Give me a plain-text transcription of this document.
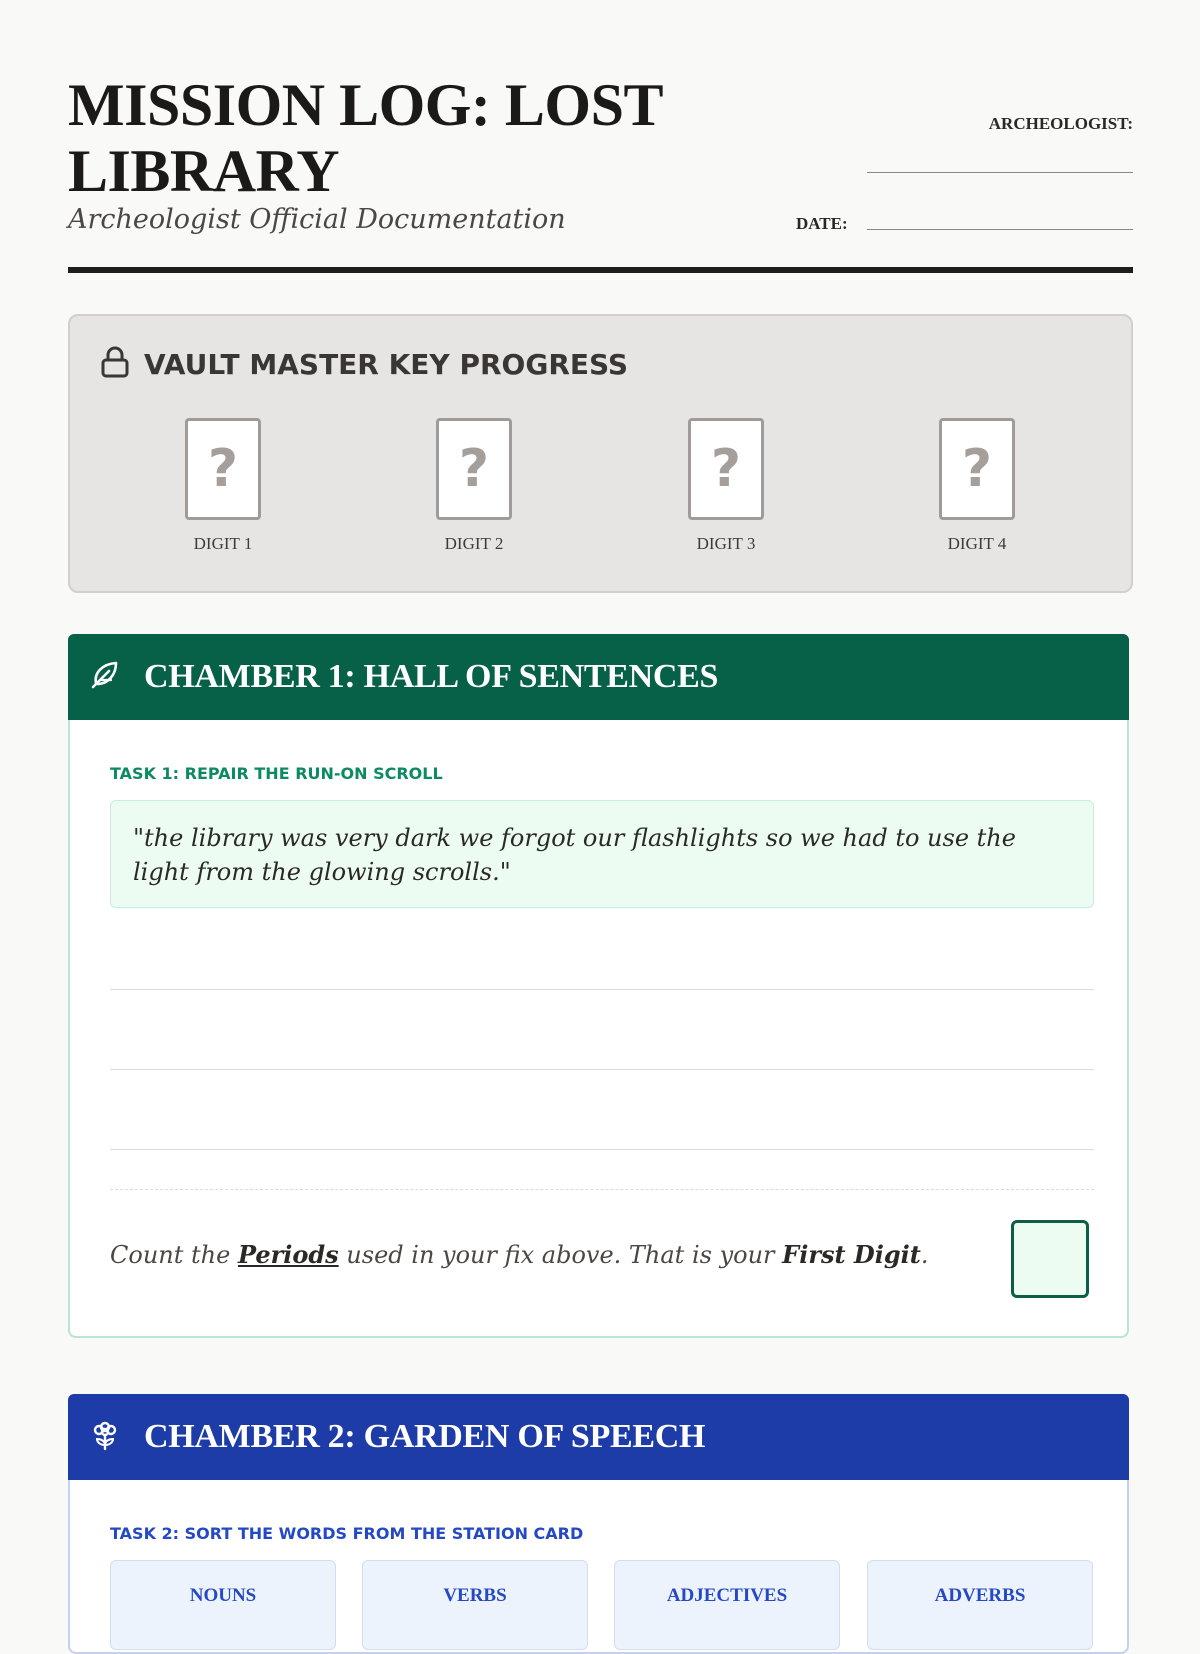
MISSION LOG: LOST LIBRARY
Archeologist Official Documentation
ARCHEOLOGIST:
DATE:
VAULT MASTER KEY PROGRESS
?
DIGIT 1
?
DIGIT 2
?
DIGIT 3
?
DIGIT 4
CHAMBER 1: HALL OF SENTENCES
TASK 1: REPAIR THE RUN-ON SCROLL
"the library was very dark we forgot our flashlights so we had to use the light from the glowing scrolls."
Count the Periods used in your fix above. That is your First Digit.
CHAMBER 2: GARDEN OF SPEECH
TASK 2: SORT THE WORDS FROM THE STATION CARD
NOUNS	VERBS	ADJECTIVES	ADVERBS
